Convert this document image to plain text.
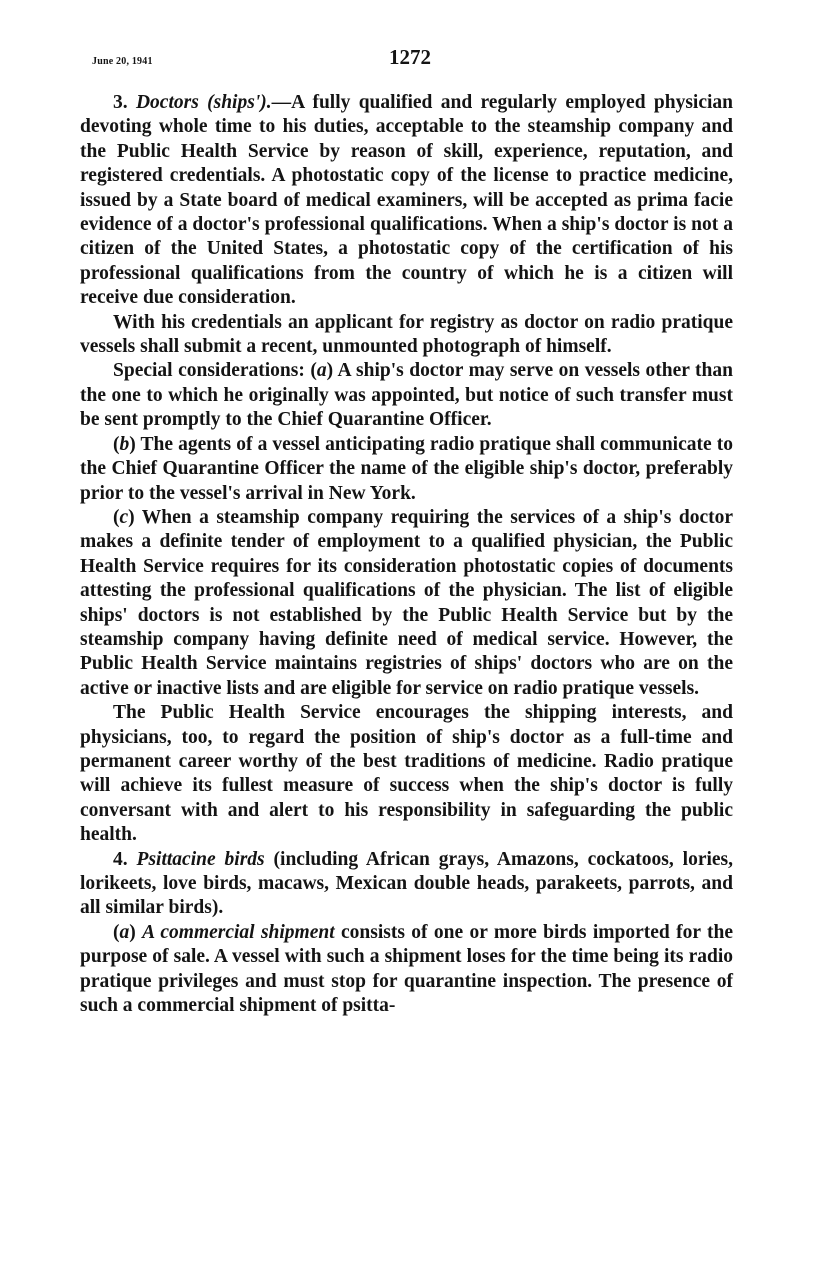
June 20, 1941	1272

3. Doctors (ships').—A fully qualified and regularly employed physician devoting whole time to his duties, acceptable to the steamship company and the Public Health Service by reason of skill, experience, reputation, and registered credentials. A photostatic copy of the license to practice medicine, issued by a State board of medical examiners, will be accepted as prima facie evidence of a doctor's professional qualifications. When a ship's doctor is not a citizen of the United States, a photostatic copy of the certification of his professional qualifications from the country of which he is a citizen will receive due consideration.

With his credentials an applicant for registry as doctor on radio pratique vessels shall submit a recent, unmounted photograph of himself.

Special considerations: (a) A ship's doctor may serve on vessels other than the one to which he originally was appointed, but notice of such transfer must be sent promptly to the Chief Quarantine Officer.

(b) The agents of a vessel anticipating radio pratique shall communicate to the Chief Quarantine Officer the name of the eligible ship's doctor, preferably prior to the vessel's arrival in New York.

(c) When a steamship company requiring the services of a ship's doctor makes a definite tender of employment to a qualified physician, the Public Health Service requires for its consideration photostatic copies of documents attesting the professional qualifications of the physician. The list of eligible ships' doctors is not established by the Public Health Service but by the steamship company having definite need of medical service. However, the Public Health Service maintains registries of ships' doctors who are on the active or inactive lists and are eligible for service on radio pratique vessels.

The Public Health Service encourages the shipping interests, and physicians, too, to regard the position of ship's doctor as a full-time and permanent career worthy of the best traditions of medicine. Radio pratique will achieve its fullest measure of success when the ship's doctor is fully conversant with and alert to his responsibility in safeguarding the public health.

4. Psittacine birds (including African grays, Amazons, cockatoos, lories, lorikeets, love birds, macaws, Mexican double heads, parakeets, parrots, and all similar birds).

(a) A commercial shipment consists of one or more birds imported for the purpose of sale. A vessel with such a shipment loses for the time being its radio pratique privileges and must stop for quarantine inspection. The presence of such a commercial shipment of psitta-
